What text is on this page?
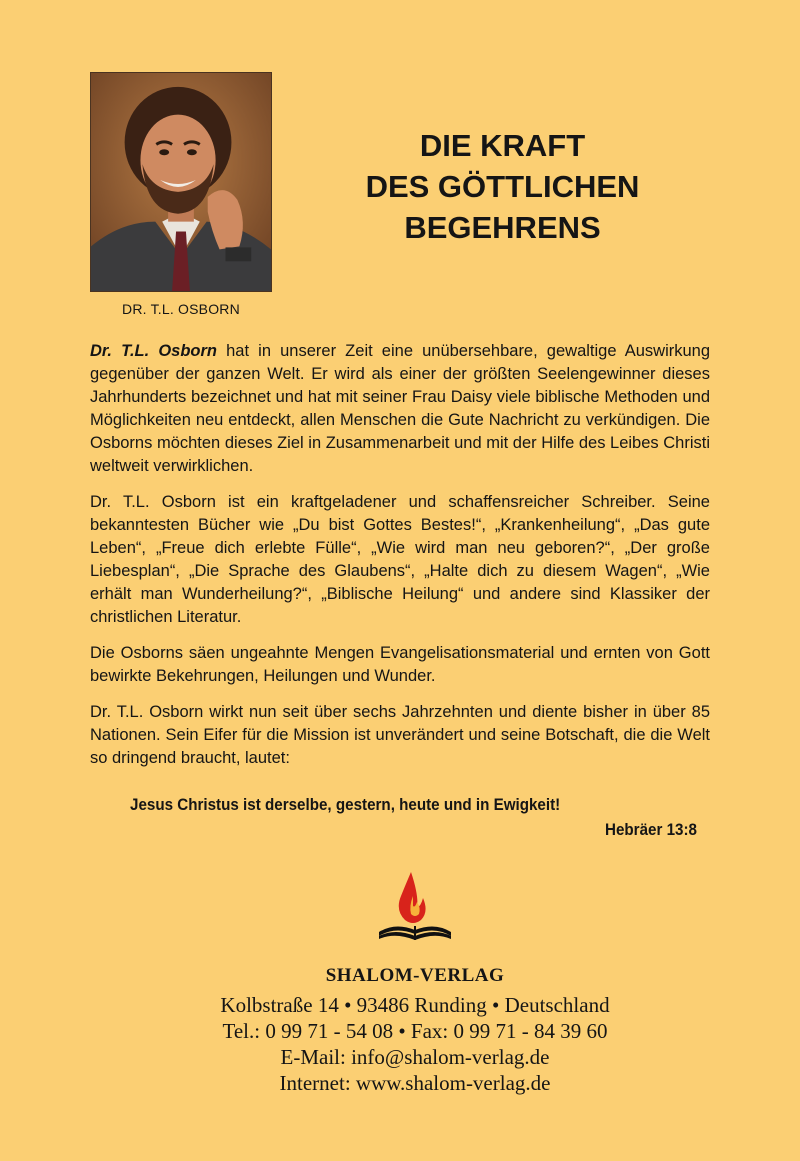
DR. T.L. OSBORN
DIE KRAFT
DES GÖTTLICHEN
BEGEHRENS

Dr. T.L. Osborn hat in unserer Zeit eine unübersehbare, gewaltige Auswirkung gegenüber der ganzen Welt. Er wird als einer der größten Seelengewinner dieses Jahrhunderts bezeichnet und hat mit seiner Frau Daisy viele biblische Methoden und Möglichkeiten neu entdeckt, allen Menschen die Gute Nachricht zu verkündigen. Die Osborns möchten dieses Ziel in Zusammenarbeit und mit der Hilfe des Leibes Christi weltweit verwirklichen.

Dr. T.L. Osborn ist ein kraftgeladener und schaffensreicher Schreiber. Seine bekanntesten Bücher wie „Du bist Gottes Bestes!“, „Krankenheilung“, „Das gute Leben“, „Freue dich erlebte Fülle“, „Wie wird man neu geboren?“, „Der große Liebesplan“, „Die Sprache des Glaubens“, „Halte dich zu diesem Wagen“, „Wie erhält man Wunderheilung?“, „Biblische Heilung“ und andere sind Klassiker der christlichen Literatur.

Die Osborns säen ungeahnte Mengen Evangelisationsmaterial und ernten von Gott bewirkte Bekehrungen, Heilungen und Wunder.

Dr. T.L. Osborn wirkt nun seit über sechs Jahrzehnten und diente bisher in über 85 Nationen. Sein Eifer für die Mission ist unverändert und seine Botschaft, die die Welt so dringend braucht, lautet:

Jesus Christus ist derselbe, gestern, heute und in Ewigkeit!
Hebräer 13:8
SHALOM-VERLAG
Kolbstraße 14 • 93486 Runding • Deutschland
Tel.: 0 99 71 - 54 08 • Fax: 0 99 71 - 84 39 60
E-Mail: info@shalom-verlag.de
Internet: www.shalom-verlag.de
